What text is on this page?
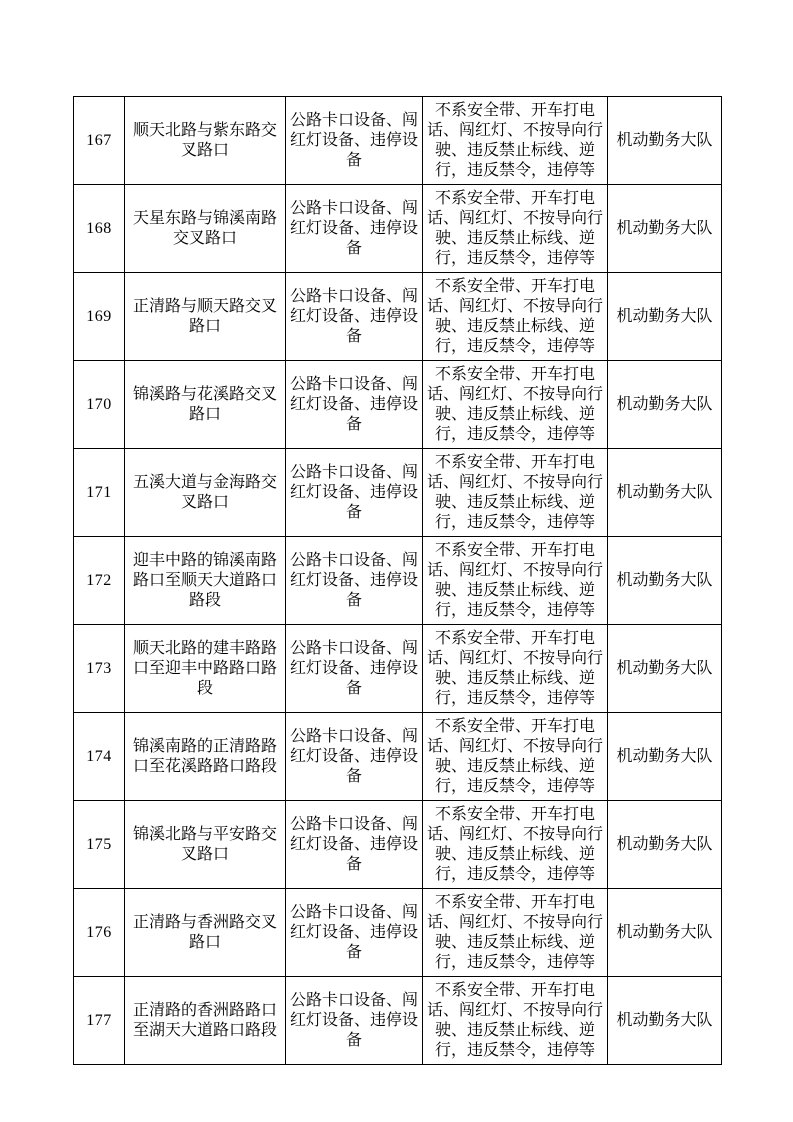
167	顺天北路与紫东路交叉路口	公路卡口设备、闯红灯设备、违停设备	不系安全带、开车打电话、闯红灯、不按导向行驶、违反禁止标线、逆行，违反禁令，违停等	机动勤务大队
168	天星东路与锦溪南路交叉路口	公路卡口设备、闯红灯设备、违停设备	不系安全带、开车打电话、闯红灯、不按导向行驶、违反禁止标线、逆行，违反禁令，违停等	机动勤务大队
169	正清路与顺天路交叉路口	公路卡口设备、闯红灯设备、违停设备	不系安全带、开车打电话、闯红灯、不按导向行驶、违反禁止标线、逆行，违反禁令，违停等	机动勤务大队
170	锦溪路与花溪路交叉路口	公路卡口设备、闯红灯设备、违停设备	不系安全带、开车打电话、闯红灯、不按导向行驶、违反禁止标线、逆行，违反禁令，违停等	机动勤务大队
171	五溪大道与金海路交叉路口	公路卡口设备、闯红灯设备、违停设备	不系安全带、开车打电话、闯红灯、不按导向行驶、违反禁止标线、逆行，违反禁令，违停等	机动勤务大队
172	迎丰中路的锦溪南路路口至顺天大道路口路段	公路卡口设备、闯红灯设备、违停设备	不系安全带、开车打电话、闯红灯、不按导向行驶、违反禁止标线、逆行，违反禁令，违停等	机动勤务大队
173	顺天北路的建丰路路口至迎丰中路路口路段	公路卡口设备、闯红灯设备、违停设备	不系安全带、开车打电话、闯红灯、不按导向行驶、违反禁止标线、逆行，违反禁令，违停等	机动勤务大队
174	锦溪南路的正清路路口至花溪路路口路段	公路卡口设备、闯红灯设备、违停设备	不系安全带、开车打电话、闯红灯、不按导向行驶、违反禁止标线、逆行，违反禁令，违停等	机动勤务大队
175	锦溪北路与平安路交叉路口	公路卡口设备、闯红灯设备、违停设备	不系安全带、开车打电话、闯红灯、不按导向行驶、违反禁止标线、逆行，违反禁令，违停等	机动勤务大队
176	正清路与香洲路交叉路口	公路卡口设备、闯红灯设备、违停设备	不系安全带、开车打电话、闯红灯、不按导向行驶、违反禁止标线、逆行，违反禁令，违停等	机动勤务大队
177	正清路的香洲路路口至湖天大道路口路段	公路卡口设备、闯红灯设备、违停设备	不系安全带、开车打电话、闯红灯、不按导向行驶、违反禁止标线、逆行，违反禁令，违停等	机动勤务大队
